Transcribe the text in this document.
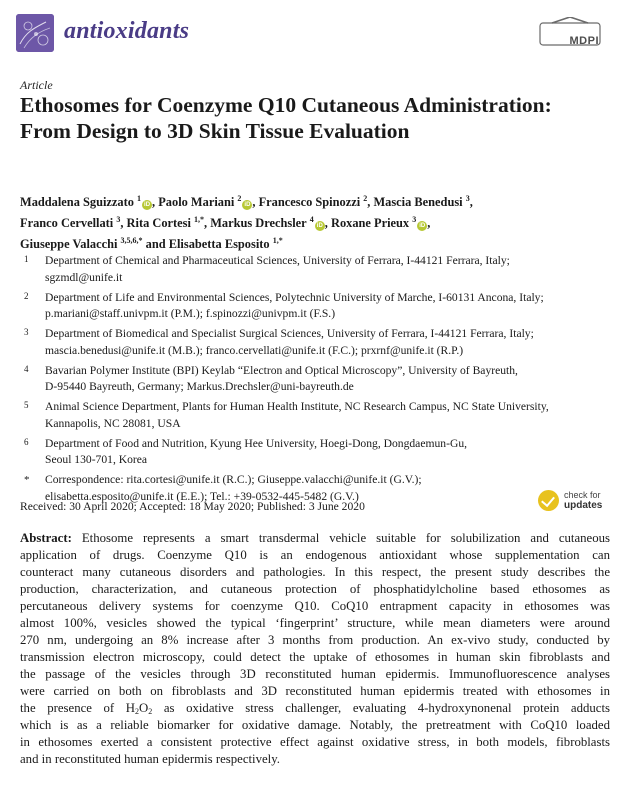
antioxidants	MDPI
Article
Ethosomes for Coenzyme Q10 Cutaneous Administration: From Design to 3D Skin Tissue Evaluation
Maddalena Sguizzato $^1$iD , Paolo Mariani $^2$iD , Francesco Spinozzi $^2$, Mascia Benedusi $^3$,
Franco Cervellati $^3$, Rita Cortesi $^{1,*}$, Markus Drechsler $^4$iD , Roxane Prieux $^3$iD ,
Giuseppe Valacchi $^{3,5,6,*}$ and Elisabetta Esposito $^{1,*}$
1 Department of Chemical and Pharmaceutical Sciences, University of Ferrara, I-44121 Ferrara, Italy;
sgzmdl@unife.it
2 Department of Life and Environmental Sciences, Polytechnic University of Marche, I-60131 Ancona, Italy;
p.mariani@staff.univpm.it (P.M.); f.spinozzi@univpm.it (F.S.)
3 Department of Biomedical and Specialist Surgical Sciences, University of Ferrara, I-44121 Ferrara, Italy;
mascia.benedusi@unife.it (M.B.); franco.cervellati@unife.it (F.C.); prxrnf@unife.it (R.P.)
4 Bavarian Polymer Institute (BPI) Keylab “Electron and Optical Microscopy”, University of Bayreuth,
D-95440 Bayreuth, Germany; Markus.Drechsler@uni-bayreuth.de
5 Animal Science Department, Plants for Human Health Institute, NC Research Campus, NC State University,
Kannapolis, NC 28081, USA
6 Department of Food and Nutrition, Kyung Hee University, Hoegi-Dong, Dongdaemun-Gu,
Seoul 130-701, Korea
* Correspondence: rita.cortesi@unife.it (R.C.); Giuseppe.valacchi@unife.it (G.V.);
elisabetta.esposito@unife.it (E.E.); Tel.: +39-0532-445-5482 (G.V.)
Received: 30 April 2020; Accepted: 18 May 2020; Published: 3 June 2020
check for
updates
Abstract: Ethosome represents a smart transdermal vehicle suitable for solubilization and cutaneous
application of drugs. Coenzyme Q10 is an endogenous antioxidant whose supplementation can
counteract many cutaneous disorders and pathologies. In this respect, the present study describes the
production, characterization, and cutaneous protection of phosphatidylcholine based ethosomes as
percutaneous delivery systems for coenzyme Q10. CoQ10 entrapment capacity in ethosomes was
almost 100%, vesicles showed the typical ‘fingerprint’ structure, while mean diameters were around
270 nm, undergoing an 8% increase after 3 months from production. An ex-vivo study, conducted by
transmission electron microscopy, could detect the uptake of ethosomes in human skin fibroblasts and
the passage of the vesicles through 3D reconstituted human epidermis. Immunofluorescence analyses
were carried on both on fibroblasts and 3D reconstituted human epidermis treated with ethosomes in
the presence of $H_2O_2$ as oxidative stress challenger, evaluating 4-hydroxynonenal protein adducts
which is as a reliable biomarker for oxidative damage. Notably, the pretreatment with CoQ10 loaded
in ethosomes exerted a consistent protective effect against oxidative stress, in both models, fibroblasts
and in reconstituted human epidermis respectively.
